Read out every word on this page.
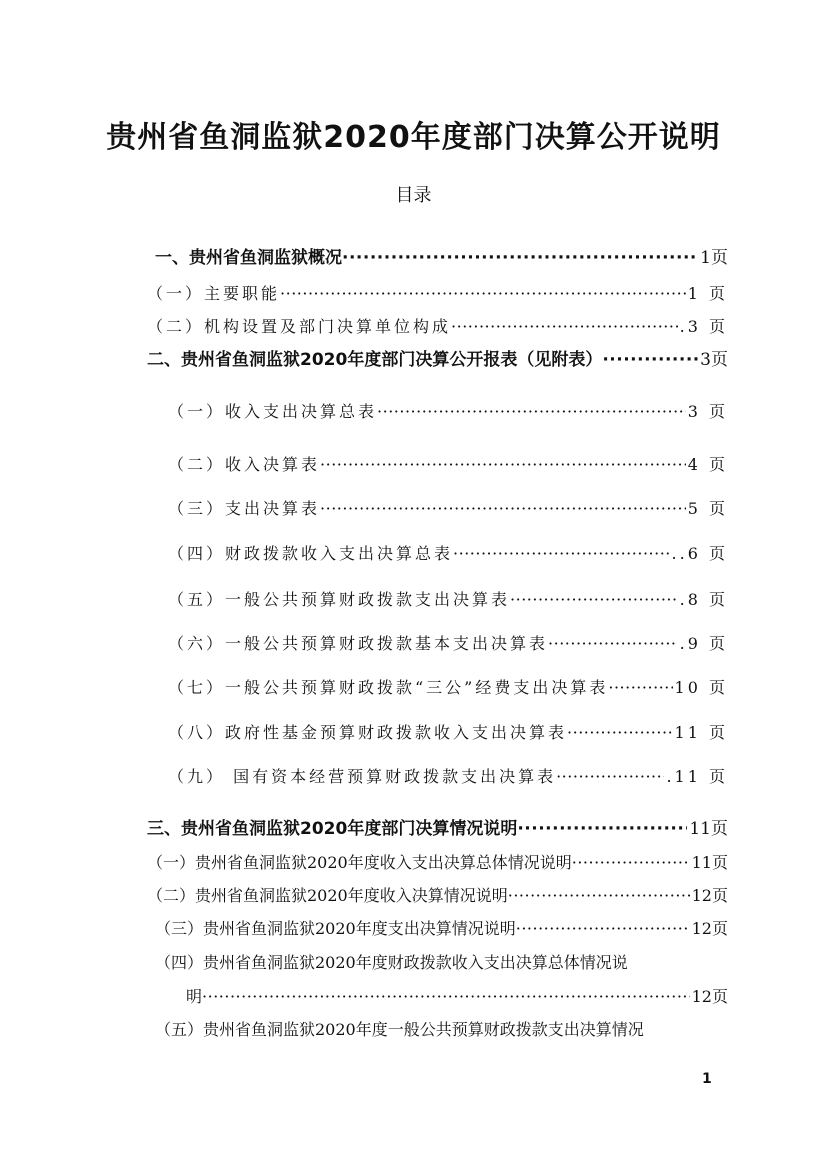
贵州省鱼洞监狱2020年度部门决算公开说明
目录
一、贵州省鱼洞监狱概况 ·····	1页
（一）主要职能 ·····	1 页
（二）机构设置及部门决算单位构成 ·····	.3 页
二、贵州省鱼洞监狱2020年度部门决算公开报表（见附表） ·····	3页
（一）收入支出决算总表 ·····	3 页
（二）收入决算表 ·····	4 页
（三）支出决算表 ·····	5 页
（四）财政拨款收入支出决算总表 ·····	..6 页
（五）一般公共预算财政拨款支出决算表 ·····	.8 页
（六）一般公共预算财政拨款基本支出决算表 ·····	.9 页
（七）一般公共预算财政拨款“三公”经费支出决算表 ·····	10 页
（八）政府性基金预算财政拨款收入支出决算表 ·····	11 页
（九） 国有资本经营预算财政拨款支出决算表 ·····	.11 页
三、贵州省鱼洞监狱2020年度部门决算情况说明 ·····	11页
（一）贵州省鱼洞监狱2020年度收入支出决算总体情况说明 ·····	11页
（二）贵州省鱼洞监狱2020年度收入决算情况说明 ·····	12页
（三）贵州省鱼洞监狱2020年度支出决算情况说明 ·····	12页
（四）贵州省鱼洞监狱2020年度财政拨款收入支出决算总体情况说
明 ·····	12页
（五）贵州省鱼洞监狱2020年度一般公共预算财政拨款支出决算情况
1
